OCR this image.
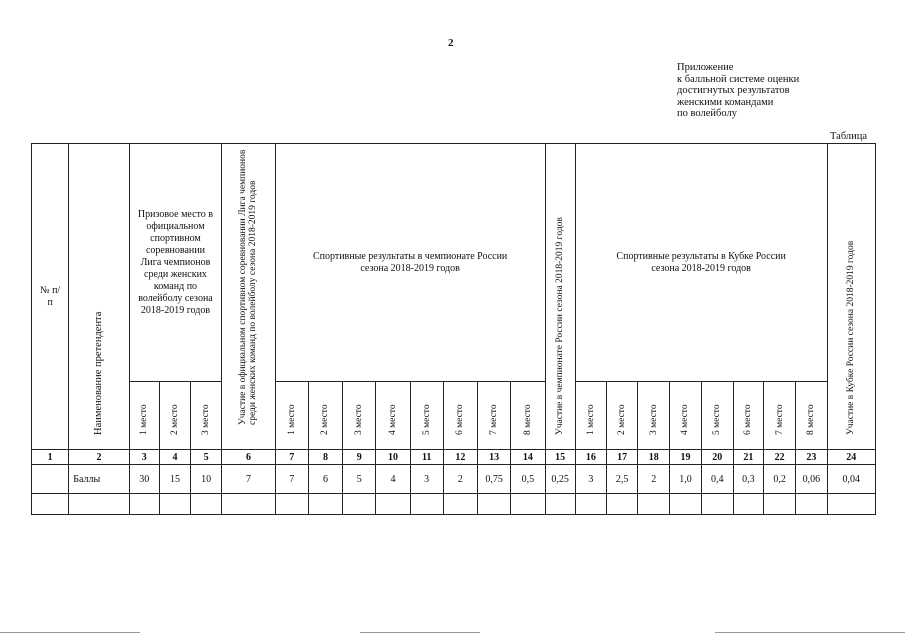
2
Приложение
к балльной системе оценки
достигнутых результатов
женскими командами
по волейболу
Таблица
№ п/п	Наименование претендента	Призовое место в официальном спортивном соревновании Лига чемпионов среди женских команд по волейболу сезона 2018-2019 годов			Участие в официальном спортивном соревновании Лига чемпионов среди женских команд по волейболу сезона 2018-2019 годов	Спортивные результаты в чемпионате России сезона 2018-2019 годов								Участие в чемпионате России сезона 2018-2019 годов	Спортивные результаты в Кубке России сезона 2018-2019 годов								Участие в Кубке России сезона 2018-2019 годов

		1 место	2 место	3 место		1 место	2 место	3 место	4 место	5 место	6 место	7 место	8 место		1 место	2 место	3 место	4 место	5 место	6 место	7 место	8 место	

1	2	3	4	5	6	7	8	9	10	11	12	13	14	15	16	17	18	19	20	21	22	23	24
	Баллы	30	15	10	7	7	6	5	4	3	2	0,75	0,5	0,25	3	2,5	2	1,0	0,4	0,3	0,2	0,06	0,04
